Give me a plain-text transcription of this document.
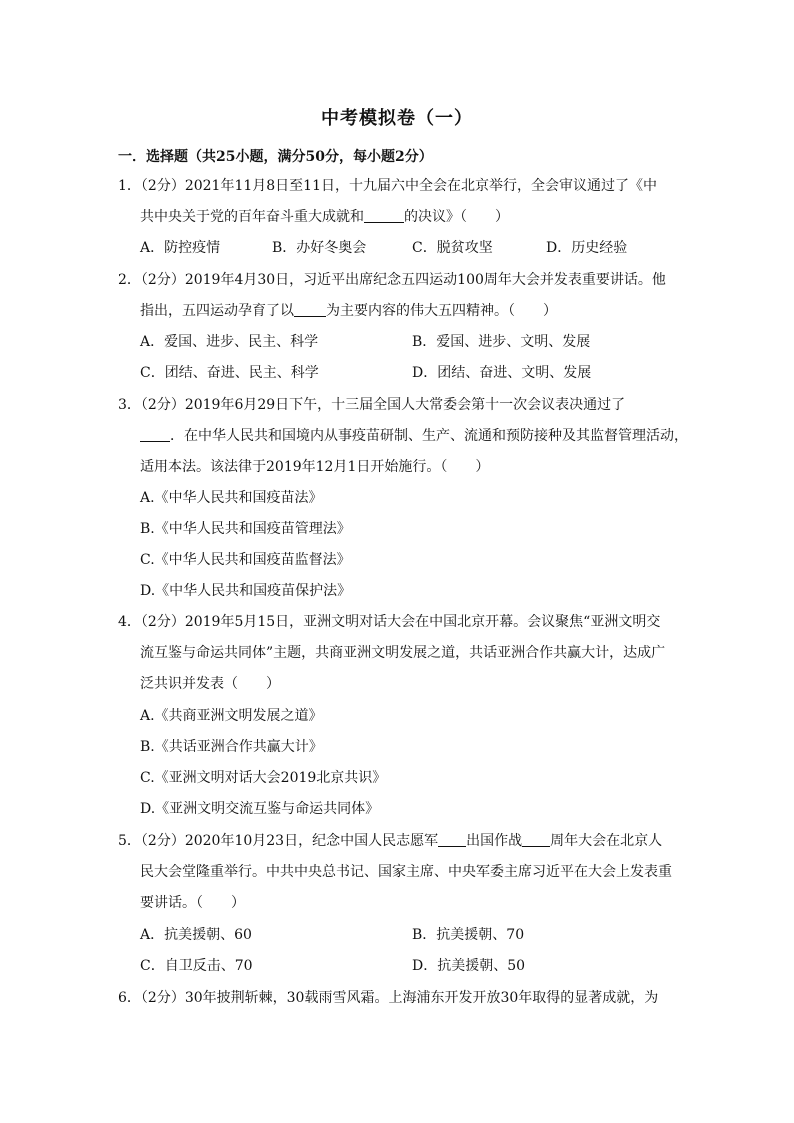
中考模拟卷（一）
一．选择题（共25小题，满分50分，每小题2分）
1．（2分）2021年11月8日至11日，十九届六中全会在北京举行，全会审议通过了《中
共中央关于党的百年奋斗重大成就和	的决议》（　　）
A．防控疫情	B．办好冬奥会	C．脱贫攻坚	D．历史经验
2．（2分）2019年4月30日，习近平出席纪念五四运动100周年大会并发表重要讲话。他
指出，五四运动孕育了以 为主要内容的伟大五四精神。（　　）
A．爱国、进步、民主、科学	B．爱国、进步、文明、发展
C．团结、奋进、民主、科学	D．团结、奋进、文明、发展
3．（2分）2019年6月29日下午，十三届全国人大常委会第十一次会议表决通过了
．在中华人民共和国境内从事疫苗研制、生产、流通和预防接种及其监督管理活动，
适用本法。该法律于2019年12月1日开始施行。（　　）
A.《中华人民共和国疫苗法》
B.《中华人民共和国疫苗管理法》
C.《中华人民共和国疫苗监督法》
D.《中华人民共和国疫苗保护法》
4．（2分）2019年5月15日，亚洲文明对话大会在中国北京开幕。会议聚焦“亚洲文明交
流互鉴与命运共同体”主题，共商亚洲文明发展之道，共话亚洲合作共赢大计，达成广
泛共识并发表（　　）
A.《共商亚洲文明发展之道》
B.《共话亚洲合作共赢大计》
C.《亚洲文明对话大会2019北京共识》
D.《亚洲文明交流互鉴与命运共同体》
5．（2分）2020年10月23日，纪念中国人民志愿军 出国作战 周年大会在北京人
民大会堂隆重举行。中共中央总书记、国家主席、中央军委主席习近平在大会上发表重
要讲话。（　　）
A．抗美援朝、60	B．抗美援朝、70
C．自卫反击、70	D．抗美援朝、50
6．（2分）30年披荆斩棘，30载雨雪风霜。上海浦东开发开放30年取得的显著成就，为
